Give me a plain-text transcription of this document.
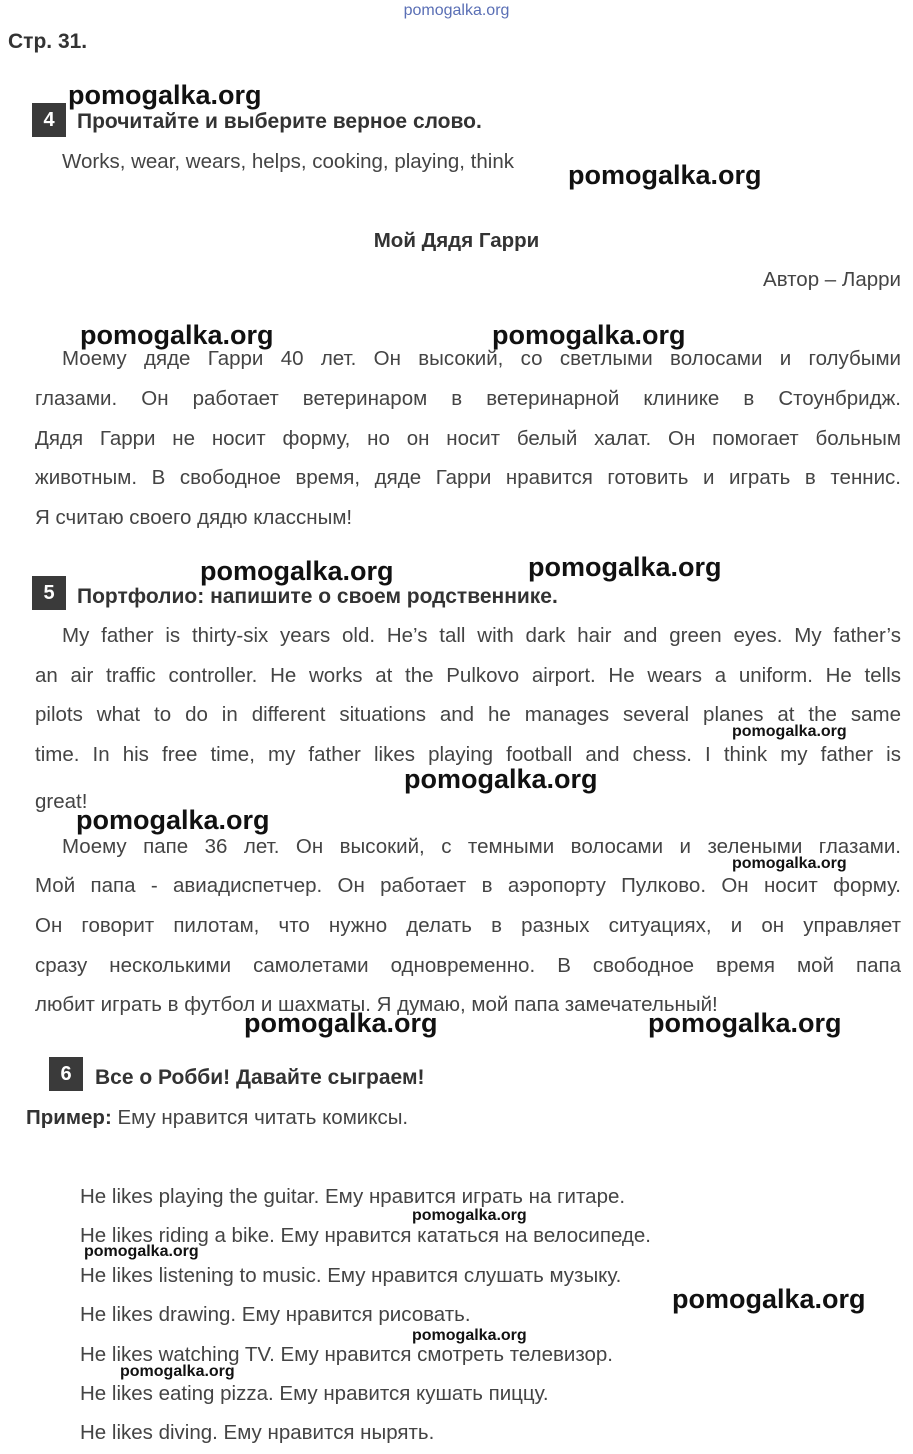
pomogalka.org
Стр. 31.
4	Прочитайте и выберите верное слово.
Works, wear, wears, helps, cooking, playing, think
Мой Дядя Гарри
Автор – Ларри
Моему дяде Гарри 40 лет. Он высокий, со светлыми волосами и голубыми
глазами. Он работает ветеринаром в ветеринарной клинике в Стоунбридж.
Дядя Гарри не носит форму, но он носит белый халат. Он помогает больным
животным. В свободное время, дяде Гарри нравится готовить и играть в теннис.
Я считаю своего дядю классным!
5	Портфолио: напишите о своем родственнике.
My father is thirty-six years old. He’s tall with dark hair and green eyes. My father’s
an air traffic controller. He works at the Pulkovo airport. He wears a uniform. He tells
pilots what to do in different situations and he manages several planes at the same
time. In his free time, my father likes playing football and chess. I think my father is
great!
Моему папе 36 лет. Он высокий, с темными волосами и зелеными глазами.
Мой папа - авиадиспетчер. Он работает в аэропорту Пулково. Он носит форму.
Он говорит пилотам, что нужно делать в разных ситуациях, и он управляет
сразу несколькими самолетами одновременно. В свободное время мой папа
любит играть в футбол и шахматы. Я думаю, мой папа замечательный!
6	Все о Робби! Давайте сыграем!
Пример: Ему нравится читать комиксы.
He likes playing the guitar. Ему нравится играть на гитаре.
He likes riding a bike. Ему нравится кататься на велосипеде.
He likes listening to music. Ему нравится слушать музыку.
He likes drawing. Ему нравится рисовать.
He likes watching TV. Ему нравится смотреть телевизор.
He likes eating pizza. Ему нравится кушать пиццу.
He likes diving. Ему нравится нырять.
pomogalka.org
pomogalka.org
pomogalka.org	pomogalka.org
pomogalka.org	pomogalka.org
pomogalka.org
pomogalka.org
pomogalka.org
pomogalka.org
pomogalka.org	pomogalka.org
pomogalka.org
pomogalka.org
pomogalka.org
pomogalka.org
pomogalka.org
